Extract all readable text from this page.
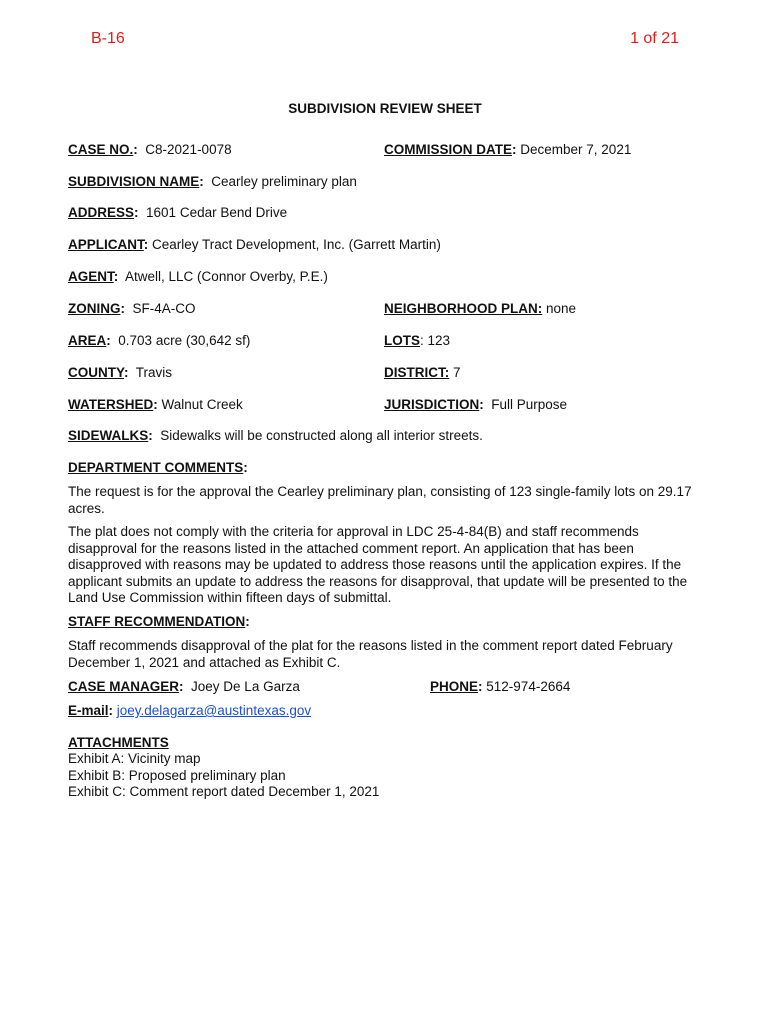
B-16	1 of 21
SUBDIVISION REVIEW SHEET
CASE NO.: C8-2021-0078	COMMISSION DATE: December 7, 2021
SUBDIVISION NAME: Cearley preliminary plan
ADDRESS: 1601 Cedar Bend Drive
APPLICANT: Cearley Tract Development, Inc. (Garrett Martin)
AGENT: Atwell, LLC (Connor Overby, P.E.)
ZONING: SF-4A-CO	NEIGHBORHOOD PLAN: none
AREA: 0.703 acre (30,642 sf)	LOTS: 123
COUNTY: Travis	DISTRICT: 7
WATERSHED: Walnut Creek	JURISDICTION: Full Purpose
SIDEWALKS: Sidewalks will be constructed along all interior streets.
DEPARTMENT COMMENTS:
The request is for the approval the Cearley preliminary plan, consisting of 123 single-family lots on 29.17 acres.
The plat does not comply with the criteria for approval in LDC 25-4-84(B) and staff recommends disapproval for the reasons listed in the attached comment report. An application that has been disapproved with reasons may be updated to address those reasons until the application expires. If the applicant submits an update to address the reasons for disapproval, that update will be presented to the Land Use Commission within fifteen days of submittal.
STAFF RECOMMENDATION:
Staff recommends disapproval of the plat for the reasons listed in the comment report dated February December 1, 2021 and attached as Exhibit C.
CASE MANAGER: Joey De La Garza	PHONE: 512-974-2664
E-mail: joey.delagarza@austintexas.gov
ATTACHMENTS
Exhibit A: Vicinity map
Exhibit B: Proposed preliminary plan
Exhibit C: Comment report dated December 1, 2021
